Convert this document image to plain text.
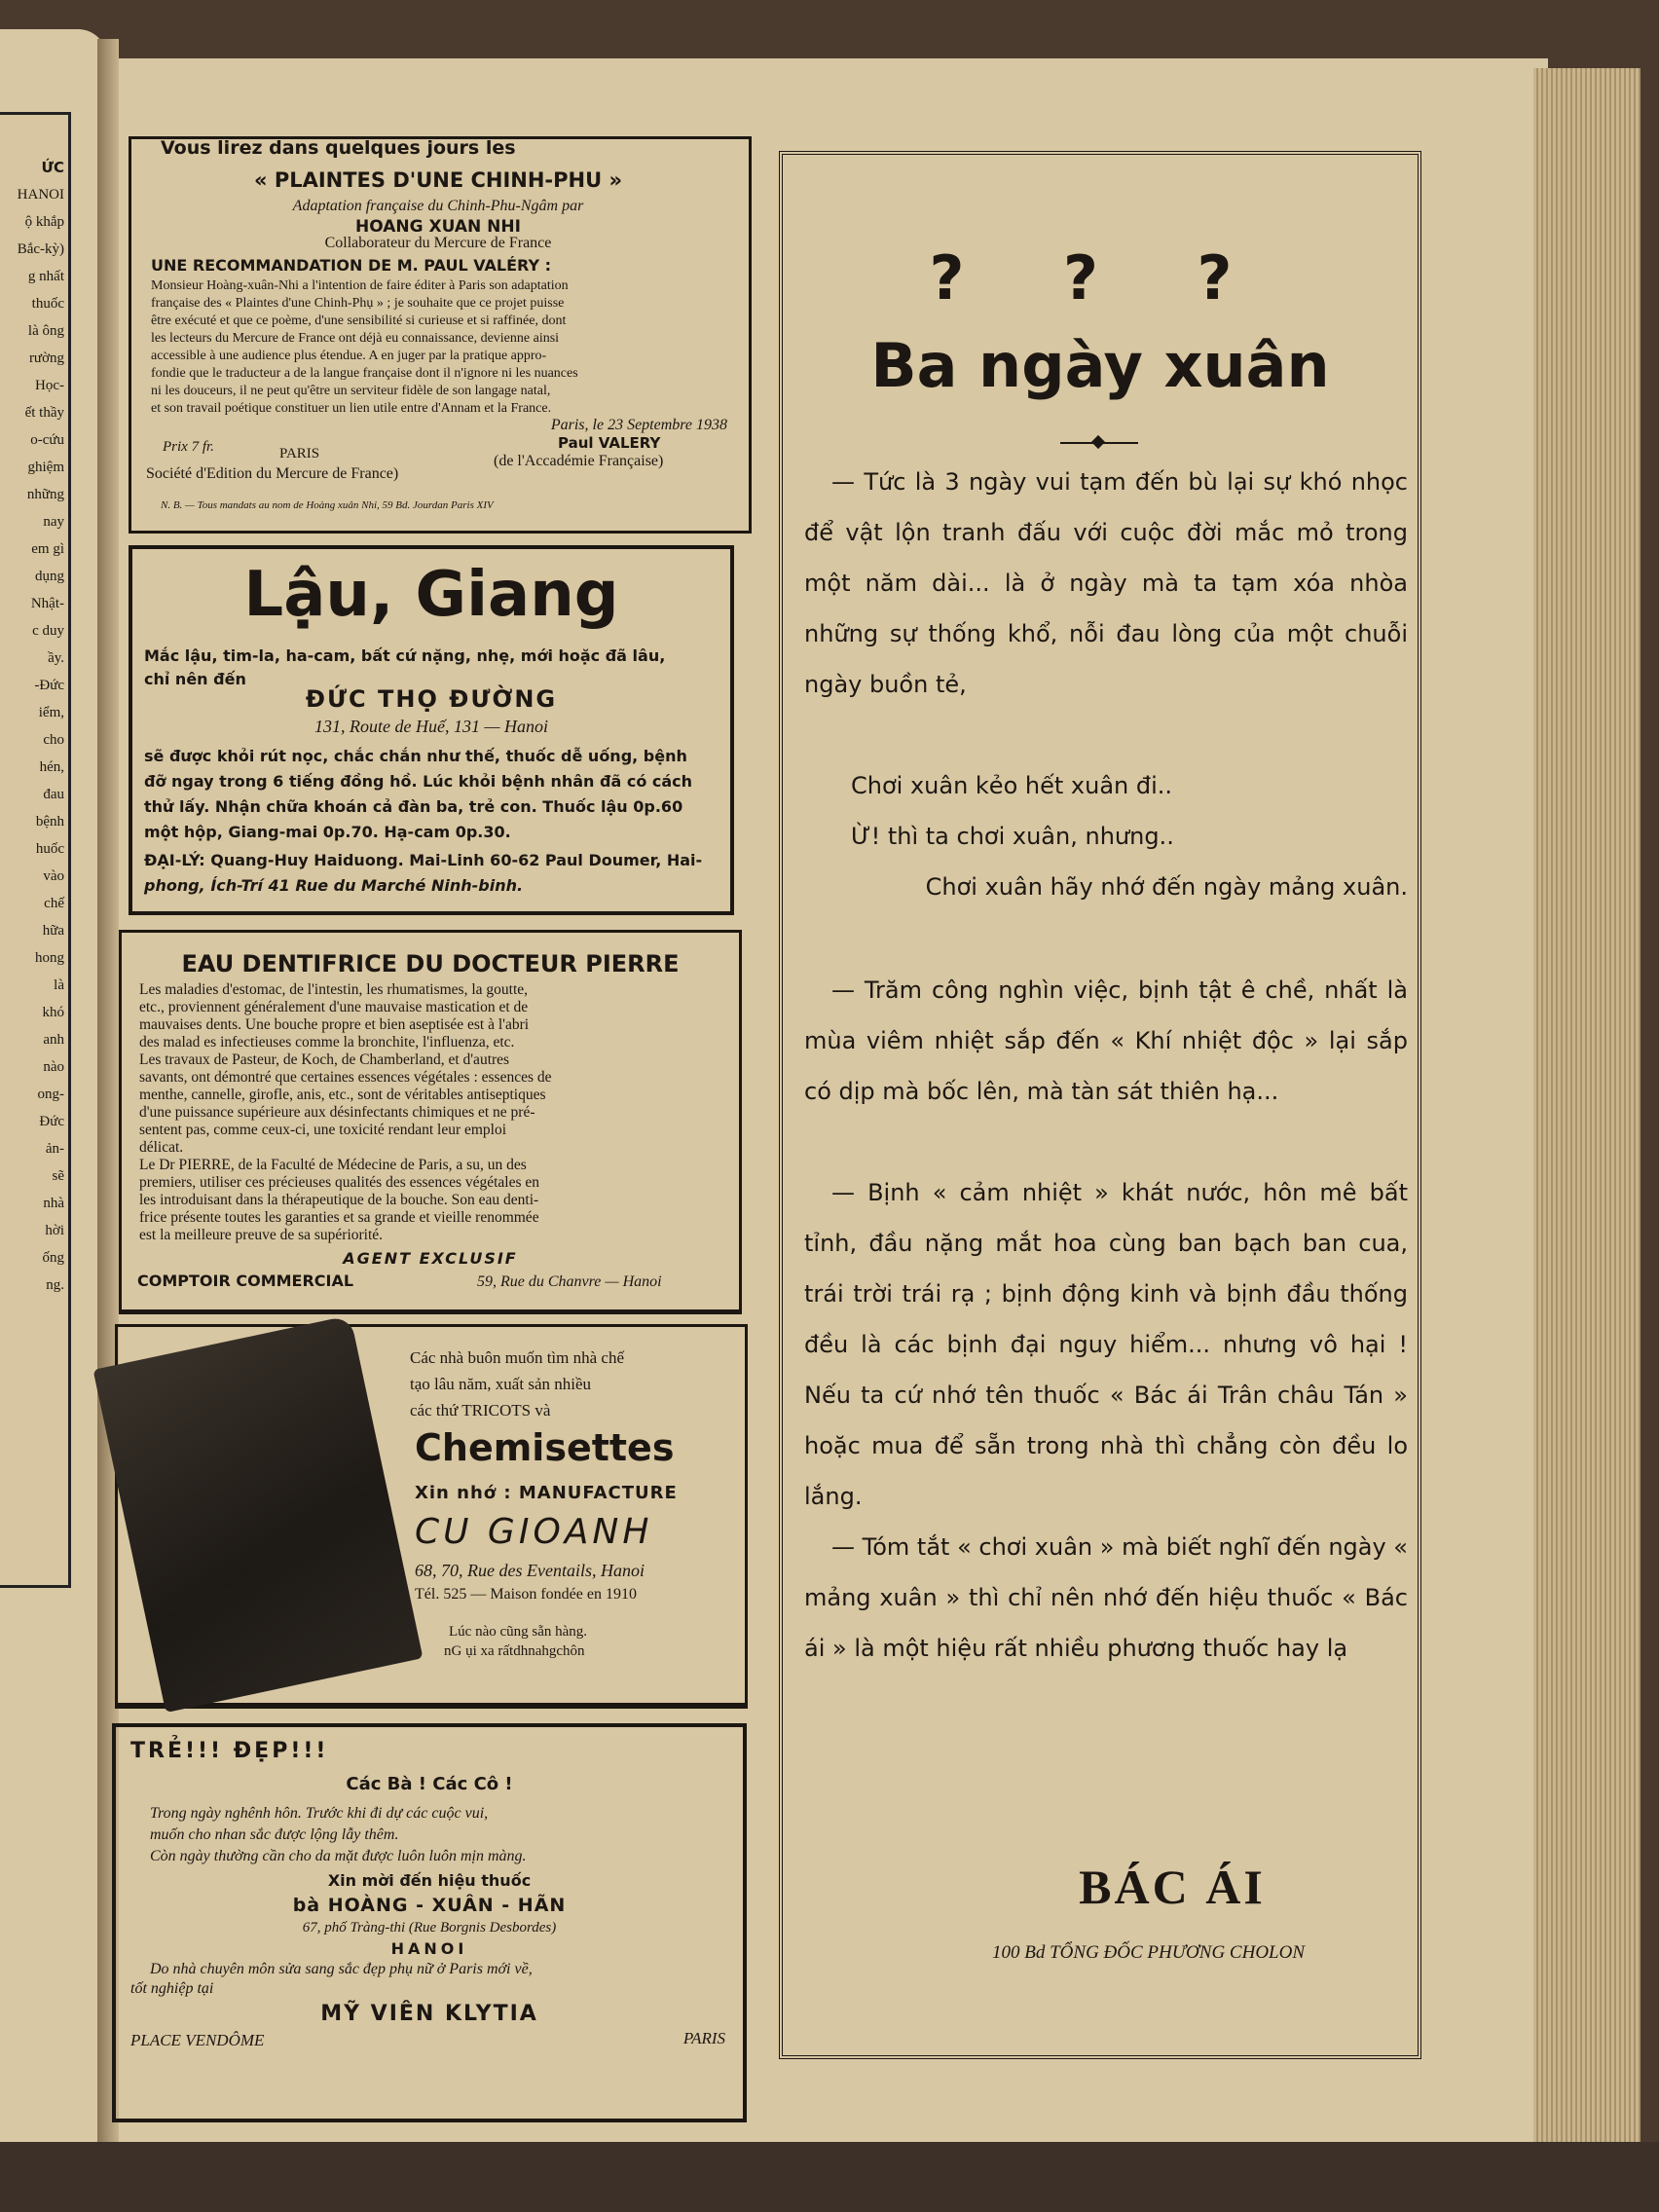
ỨC
HANOI
ộ khắp
Bắc-kỳ)
g nhất
thuốc
là ông
rường
Học-
ết thầy
o-cứu
ghiệm
những
nay
em gì
dụng
Nhật-
c duy
ầy.
-Đức
iểm,
cho
hén,
đau
bệnh
huốc
vào
chế
hữa
hong
là
khó
anh
nào
ong-
Đức
ản-
sẽ
nhà
hời
ống
ng.
Vous lirez dans quelques jours les
« PLAINTES D'UNE CHINH-PHU »
Adaptation française du Chinh-Phu-Ngâm par
HOANG XUAN NHI
Collaborateur du Mercure de France
UNE RECOMMANDATION DE M. PAUL VALÉRY :
Monsieur Hoàng-xuân-Nhi a l'intention de faire éditer à Paris son adaptation
française des « Plaintes d'une Chinh-Phụ » ; je souhaite que ce projet puisse
être exécuté et que ce poème, d'une sensibilité si curieuse et si raffinée, dont
les lecteurs du Mercure de France ont déjà eu connaissance, devienne ainsi
accessible à une audience plus étendue. A en juger par la pratique appro-
fondie que le traducteur a de la langue française dont il n'ignore ni les nuances
ni les douceurs, il ne peut qu'être un serviteur fidèle de son langage natal,
et son travail poétique constituer un lien utile entre d'Annam et la France.
Paris, le 23 Septembre 1938
Prix 7 fr.	PARIS
Société d'Edition du Mercure de France)
Paul VALERY
(de l'Accadémie Française)
N. B. — Tous mandats au nom de Hoàng xuân Nhi, 59 Bd. Jourdan Paris XIV
Lậu, Giang
Mắc lậu, tim-la, ha-cam, bất cứ nặng, nhẹ, mới hoặc đã lâu,
chỉ nên đến
ĐỨC THỌ ĐƯỜNG
131, Route de Huế, 131 — Hanoi
sẽ được khỏi rút nọc, chắc chắn như thế, thuốc dễ uống, bệnh
đỡ ngay trong 6 tiếng đồng hồ. Lúc khỏi bệnh nhân đã có cách
thử lấy. Nhận chữa khoán cả đàn ba, trẻ con. Thuốc lậu 0p.60
một hộp, Giang-mai 0p.70. Hạ-cam 0p.30.
ĐẠI-LÝ: Quang-Huy Haiduong. Mai-Linh 60-62 Paul Doumer, Hai-
phong, Ích-Trí 41 Rue du Marché Ninh-binh.
EAU DENTIFRICE DU DOCTEUR PIERRE
Les maladies d'estomac, de l'intestin, les rhumatismes, la goutte,
etc., proviennent généralement d'une mauvaise mastication et de
mauvaises dents. Une bouche propre et bien aseptisée est à l'abri
des malad es infectieuses comme la bronchite, l'influenza, etc.
Les travaux de Pasteur, de Koch, de Chamberland, et d'autres
savants, ont démontré que certaines essences végétales : essences de
menthe, cannelle, girofle, anis, etc., sont de véritables antiseptiques
d'une puissance supérieure aux désinfectants chimiques et ne pré-
sentent pas, comme ceux-ci, une toxicité rendant leur emploi
délicat.
Le Dr PIERRE, de la Faculté de Médecine de Paris, a su, un des
premiers, utiliser ces précieuses qualités des essences végétales en
les introduisant dans la thérapeutique de la bouche. Son eau denti-
frice présente toutes les garanties et sa grande et vieille renommée
est la meilleure preuve de sa supériorité.
AGENT EXCLUSIF
COMPTOIR COMMERCIAL	59, Rue du Chanvre — Hanoi
Các nhà buôn muốn tìm nhà chế
tạo lâu năm, xuất sản nhiều
các thứ TRICOTS và
Chemisettes
Xin nhớ : MANUFACTURE
CU GIOANH
68, 70, Rue des Eventails, Hanoi
Tél. 525 — Maison fondée en 1910
Lúc nào cũng sẵn hàng.
nG ụi xa rấtdhnahgchôn
TRẺ!!! ĐẸP!!!
Các Bà ! Các Cô !
Trong ngày nghênh hôn. Trước khi đi dự các cuộc vui,
muốn cho nhan sắc được lộng lẫy thêm.
Còn ngày thường cần cho da mặt được luôn luôn mịn màng.
Xin mời đến hiệu thuốc
bà HOÀNG - XUÂN - HÃN
67, phố Tràng-thi (Rue Borgnis Desbordes)
HANOI
Do nhà chuyên môn sửa sang sắc đẹp phụ nữ ở Paris mới về,
tốt nghiệp tại
MỸ VIÊN KLYTIA
PLACE VENDÔME	PARIS
? ? ?
Ba ngày xuân
— Tức là 3 ngày vui tạm đến bù lại sự khó nhọc để vật lộn tranh đấu với cuộc đời mắc mỏ trong một năm dài... là ở ngày mà ta tạm xóa nhòa những sự thống khổ, nỗi đau lòng của một chuỗi ngày buồn tẻ,
Chơi xuân kẻo hết xuân đi..
Ừ! thì ta chơi xuân, nhưng..
Chơi xuân hãy nhớ đến ngày mảng xuân.
— Trăm công nghìn việc, bịnh tật ê chề, nhất là mùa viêm nhiệt sắp đến « Khí nhiệt độc » lại sắp có dịp mà bốc lên, mà tàn sát thiên hạ...
— Bịnh « cảm nhiệt » khát nước, hôn mê bất tỉnh, đầu nặng mắt hoa cùng ban bạch ban cua, trái trời trái rạ ; bịnh động kinh và bịnh đầu thống đều là các bịnh đại nguy hiểm... nhưng vô hại ! Nếu ta cứ nhớ tên thuốc « Bác ái Trân châu Tán » hoặc mua để sẵn trong nhà thì chẳng còn đều lo lắng.
— Tóm tắt « chơi xuân » mà biết nghĩ đến ngày « mảng xuân » thì chỉ nên nhớ đến hiệu thuốc « Bác ái » là một hiệu rất nhiều phương thuốc hay lạ
BÁC ÁI
100 Bd TỔNG ĐỐC PHƯƠNG CHOLON
